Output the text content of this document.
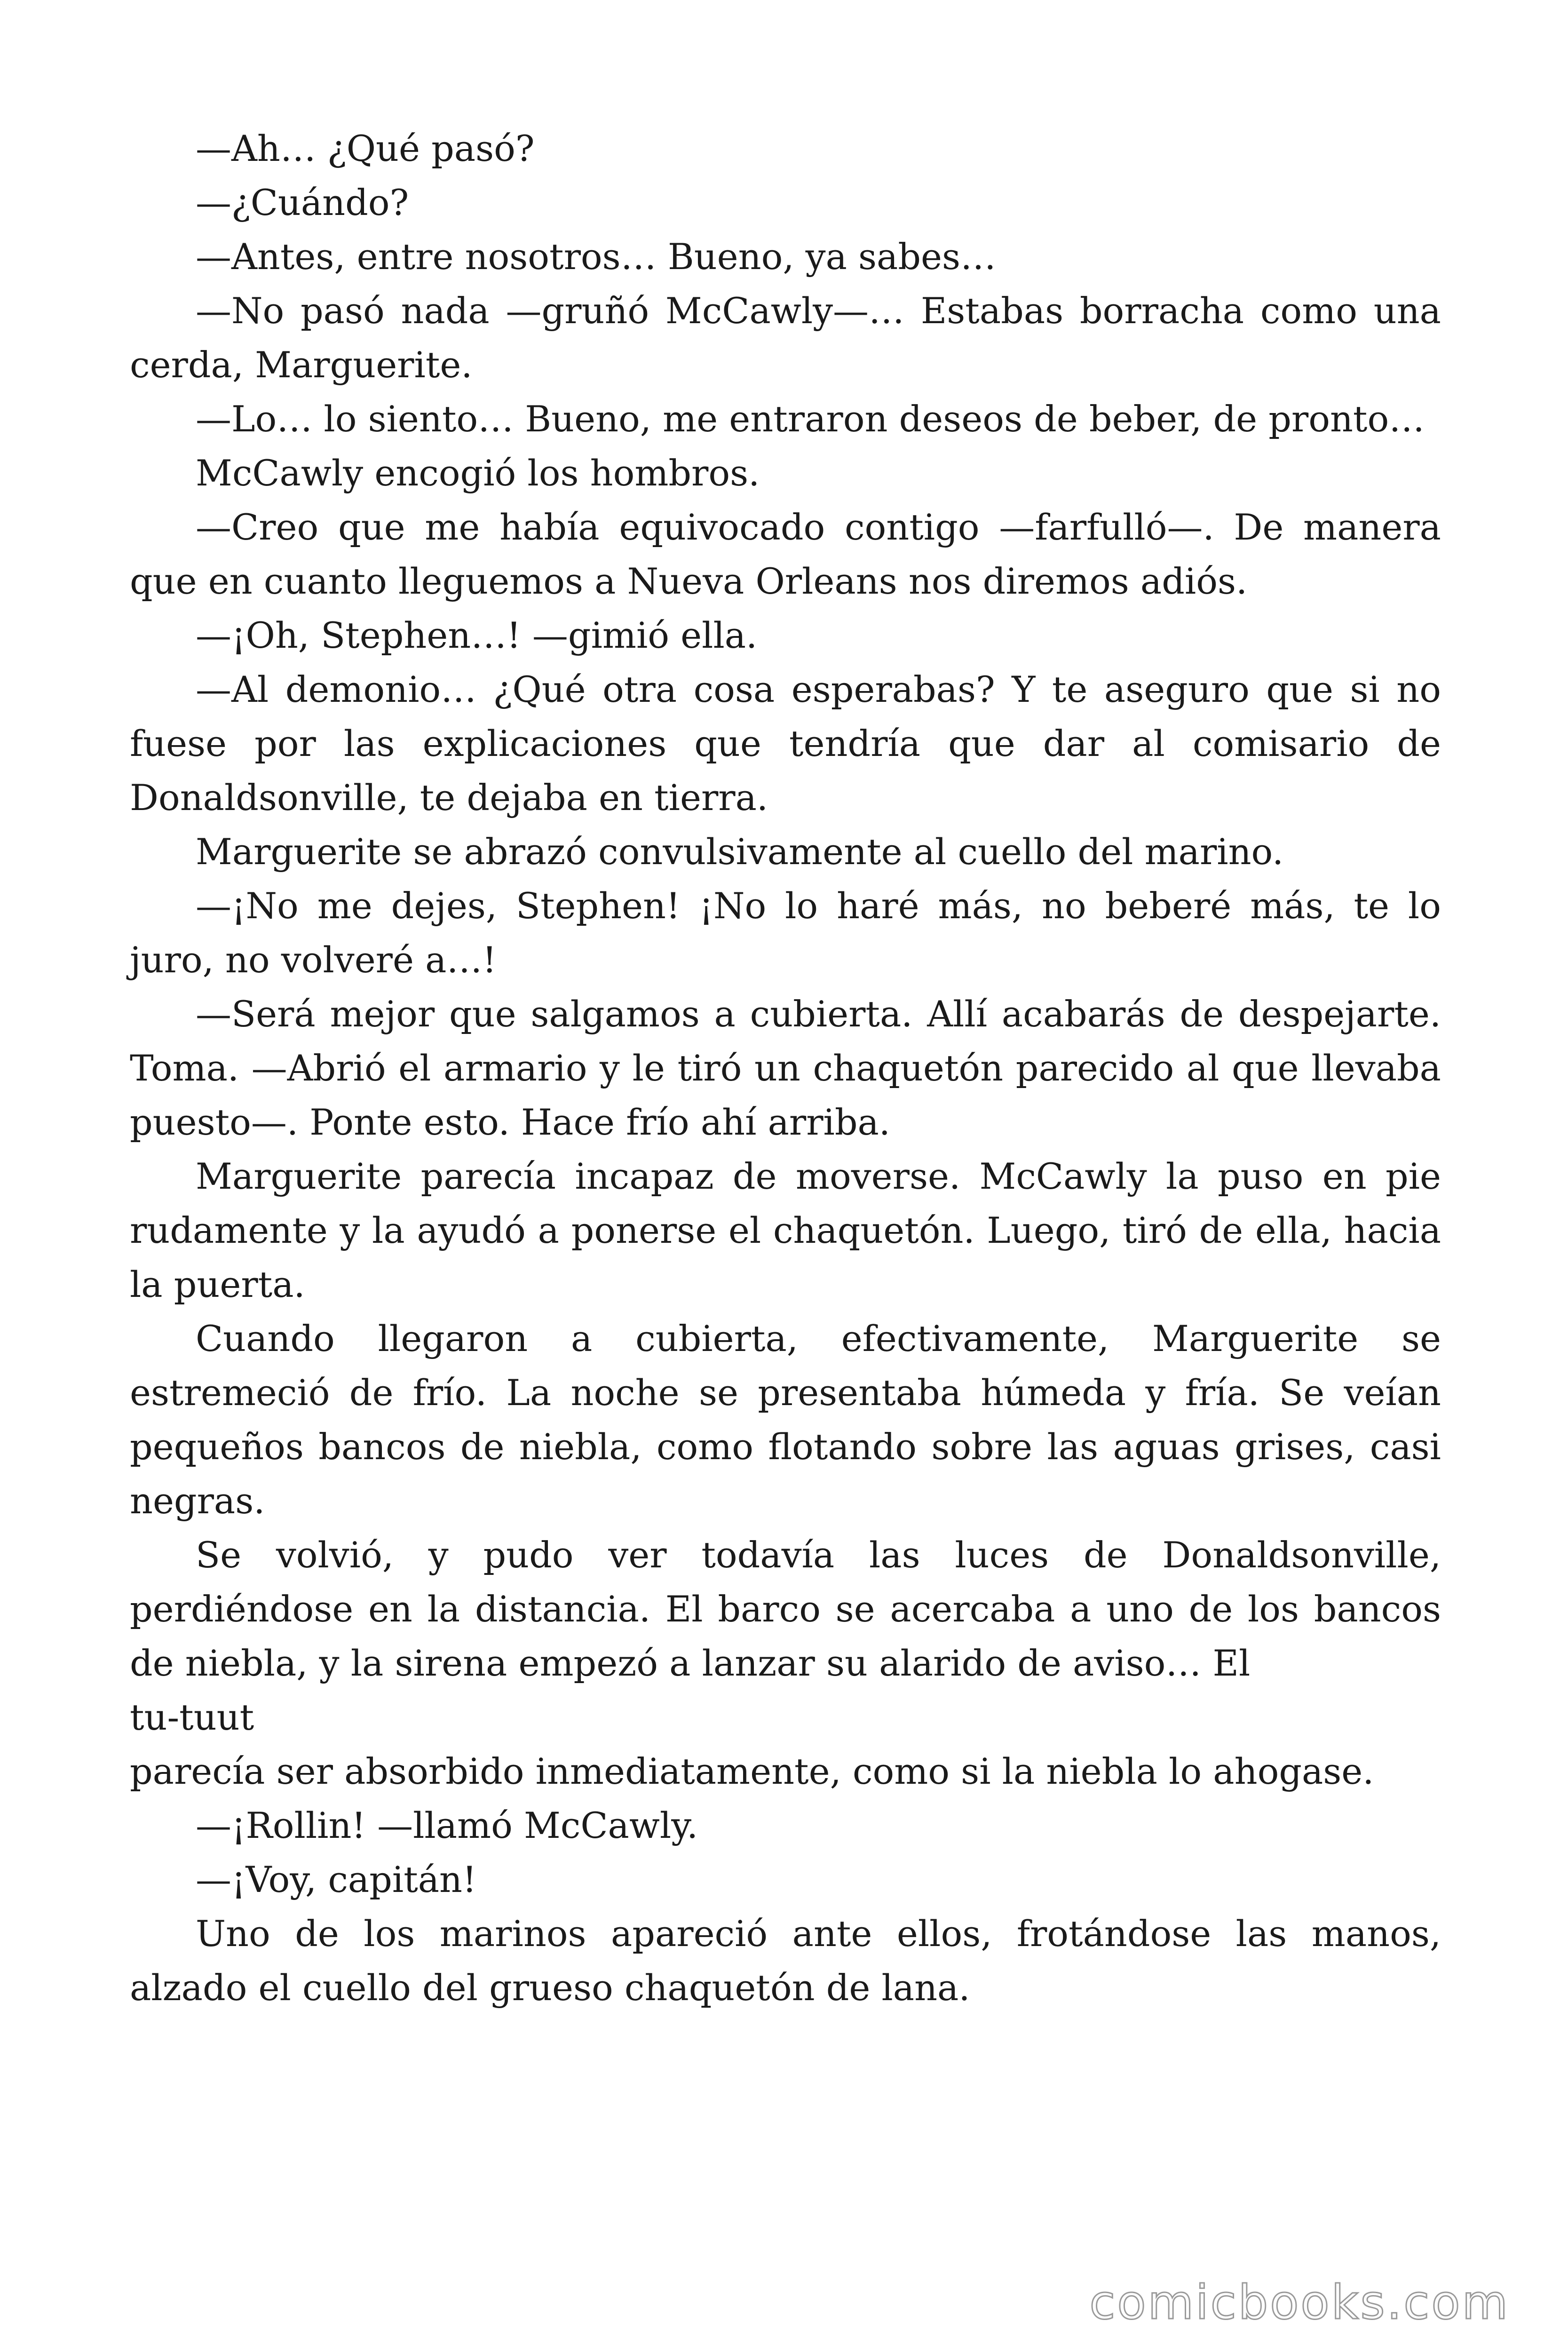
—Ah… ¿Qué pasó?

—¿Cuándo?

—Antes, entre nosotros… Bueno, ya sabes…

—No pasó nada —gruñó McCawly—… Estabas borracha como una cerda, Marguerite.

—Lo… lo siento… Bueno, me entraron deseos de beber, de pronto…

McCawly encogió los hombros.

—Creo que me había equivocado contigo —farfulló—. De manera que en cuanto lleguemos a Nueva Orleans nos diremos adiós.

—¡Oh, Stephen…! —gimió ella.

—Al demonio… ¿Qué otra cosa esperabas? Y te aseguro que si no fuese por las explicaciones que tendría que dar al comisario de Donaldsonville, te dejaba en tierra.

Marguerite se abrazó convulsivamente al cuello del marino.

—¡No me dejes, Stephen! ¡No lo haré más, no beberé más, te lo juro, no volveré a…!

—Será mejor que salgamos a cubierta. Allí acabarás de despejarte. Toma. —Abrió el armario y le tiró un chaquetón parecido al que llevaba puesto—. Ponte esto. Hace frío ahí arriba.

Marguerite parecía incapaz de moverse. McCawly la puso en pie rudamente y la ayudó a ponerse el chaquetón. Luego, tiró de ella, hacia la puerta.

Cuando llegaron a cubierta, efectivamente, Marguerite se estremeció de frío. La noche se presentaba húmeda y fría. Se veían pequeños bancos de niebla, como flotando sobre las aguas grises, casi negras.

Se volvió, y pudo ver todavía las luces de Donaldsonville, perdiéndose en la distancia. El barco se acercaba a uno de los bancos de niebla, y la sirena empezó a lanzar su alarido de aviso… El

tu-tuut

parecía ser absorbido inmediatamente, como si la niebla lo ahogase.

—¡Rollin! —llamó McCawly.

—¡Voy, capitán!

Uno de los marinos apareció ante ellos, frotándose las manos, alzado el cuello del grueso chaquetón de lana.

comicbooks.com
